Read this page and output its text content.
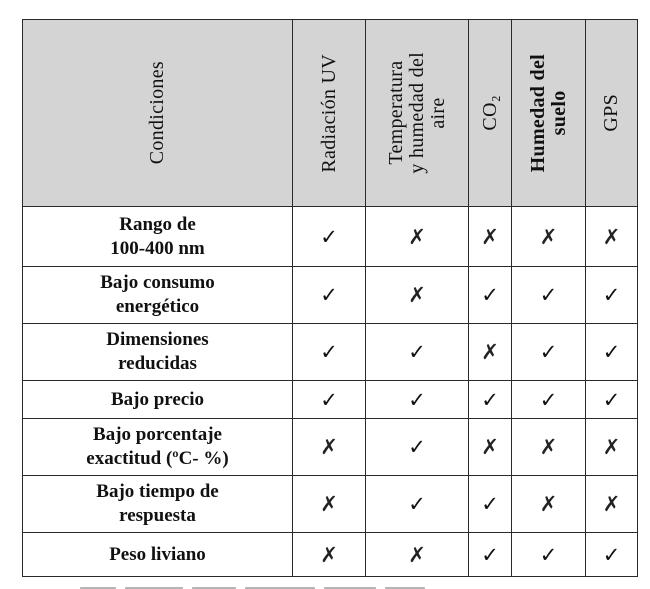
Condiciones	Radiación UV	Temperatura
y humedad del
aire	CO₂	Humedad del
suelo	GPS

Rango de
100-400 nm	✓	✗	✗	✗	✗
Bajo consumo
energético	✓	✗	✓	✓	✓
Dimensiones
reducidas	✓	✓	✗	✓	✓
Bajo precio	✓	✓	✓	✓	✓
Bajo porcentaje
exactitud (ºC- %)	✗	✓	✗	✗	✗
Bajo tiempo de
respuesta	✗	✓	✓	✗	✗
Peso liviano	✗	✗	✓	✓	✓
